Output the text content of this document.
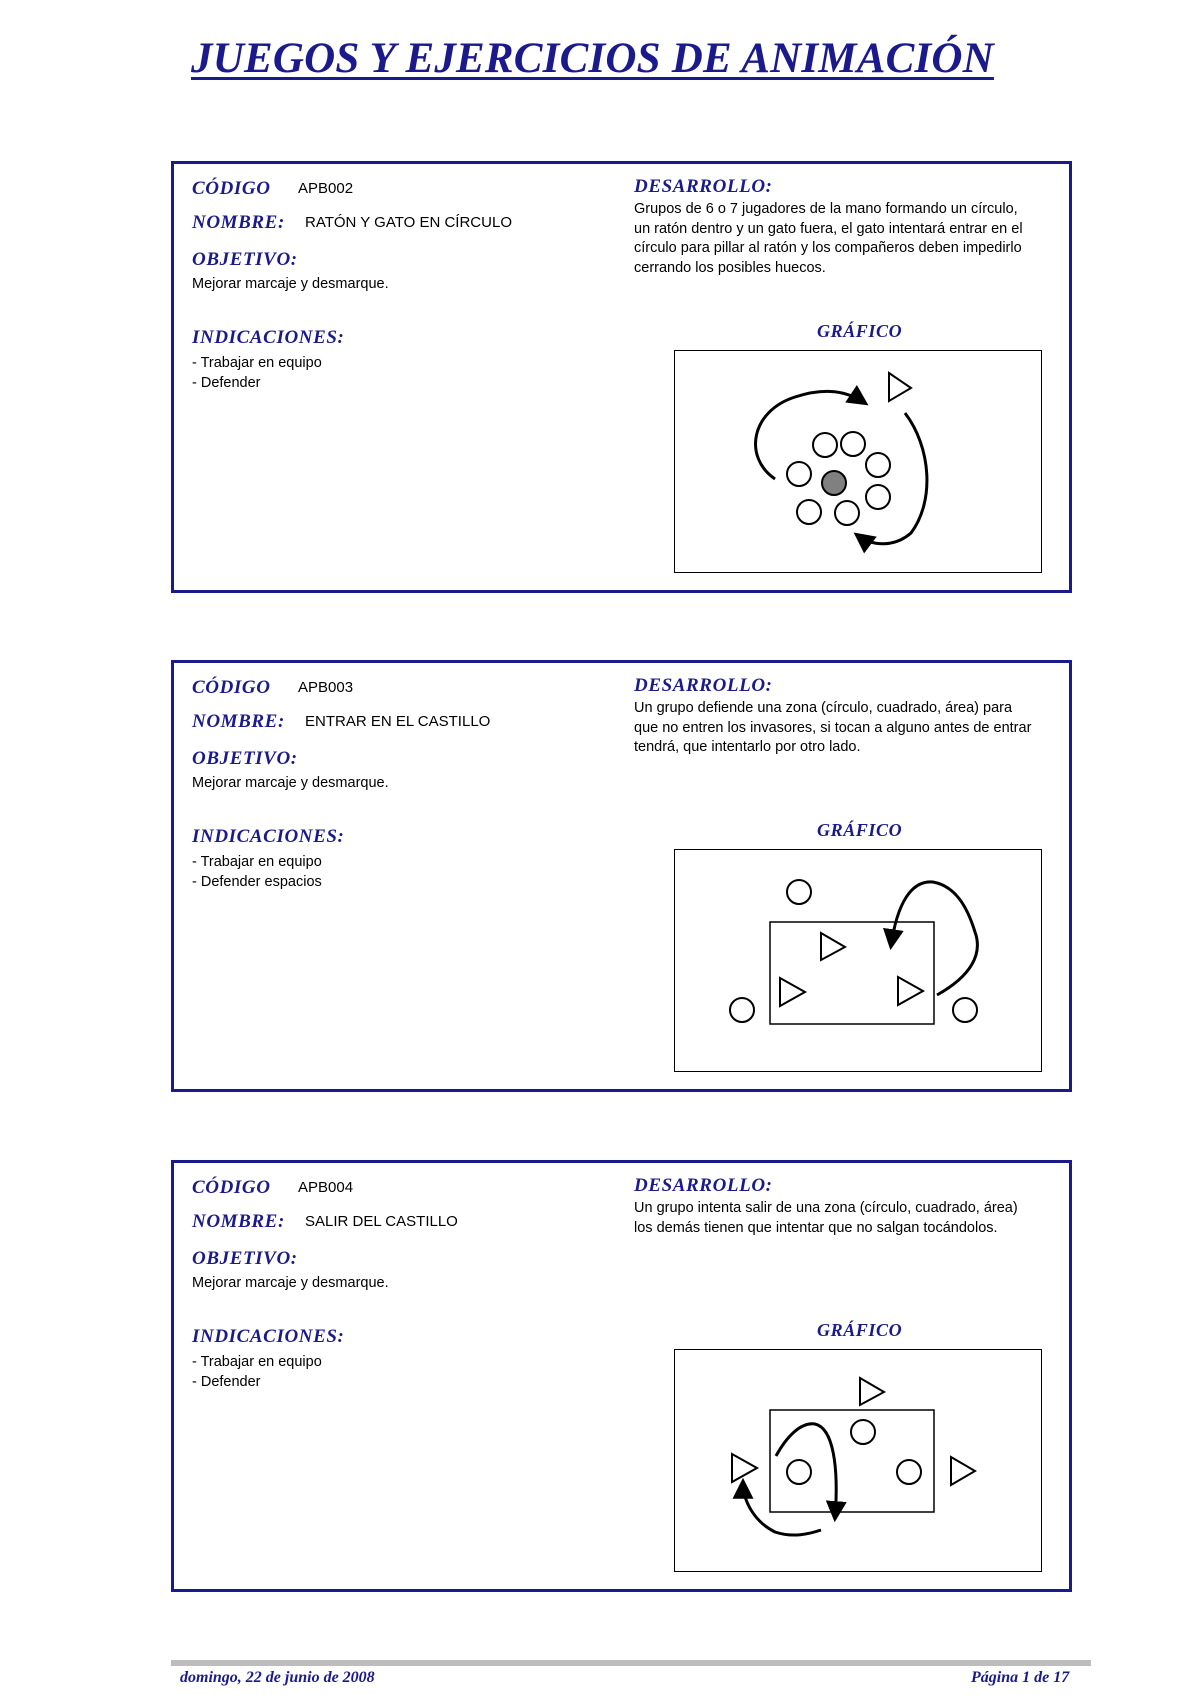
JUEGOS Y EJERCICIOS DE ANIMACIÓN
CÓDIGO APB002
NOMBRE: RATÓN Y GATO EN CÍRCULO
OBJETIVO:
Mejorar marcaje y desmarque.
INDICACIONES:
- Trabajar en equipo
- Defender
DESARROLLO:
Grupos de 6 o 7 jugadores de la mano formando un círculo,
un ratón dentro y un gato fuera, el gato intentará entrar en el
círculo para pillar al ratón y los compañeros deben impedirlo
cerrando los posibles huecos.
GRÁFICO
CÓDIGO APB003
NOMBRE: ENTRAR EN EL CASTILLO
OBJETIVO:
Mejorar marcaje y desmarque.
INDICACIONES:
- Trabajar en equipo
- Defender espacios
DESARROLLO:
Un grupo defiende una zona (círculo, cuadrado, área) para
que no entren los invasores, si tocan a alguno antes de entrar
tendrá, que intentarlo por otro lado.
GRÁFICO
CÓDIGO APB004
NOMBRE: SALIR DEL CASTILLO
OBJETIVO:
Mejorar marcaje y desmarque.
INDICACIONES:
- Trabajar en equipo
- Defender
DESARROLLO:
Un grupo intenta salir de una zona (círculo, cuadrado, área)
los demás tienen que intentar que no salgan tocándolos.
GRÁFICO
domingo, 22 de junio de 2008	Página 1 de 17
